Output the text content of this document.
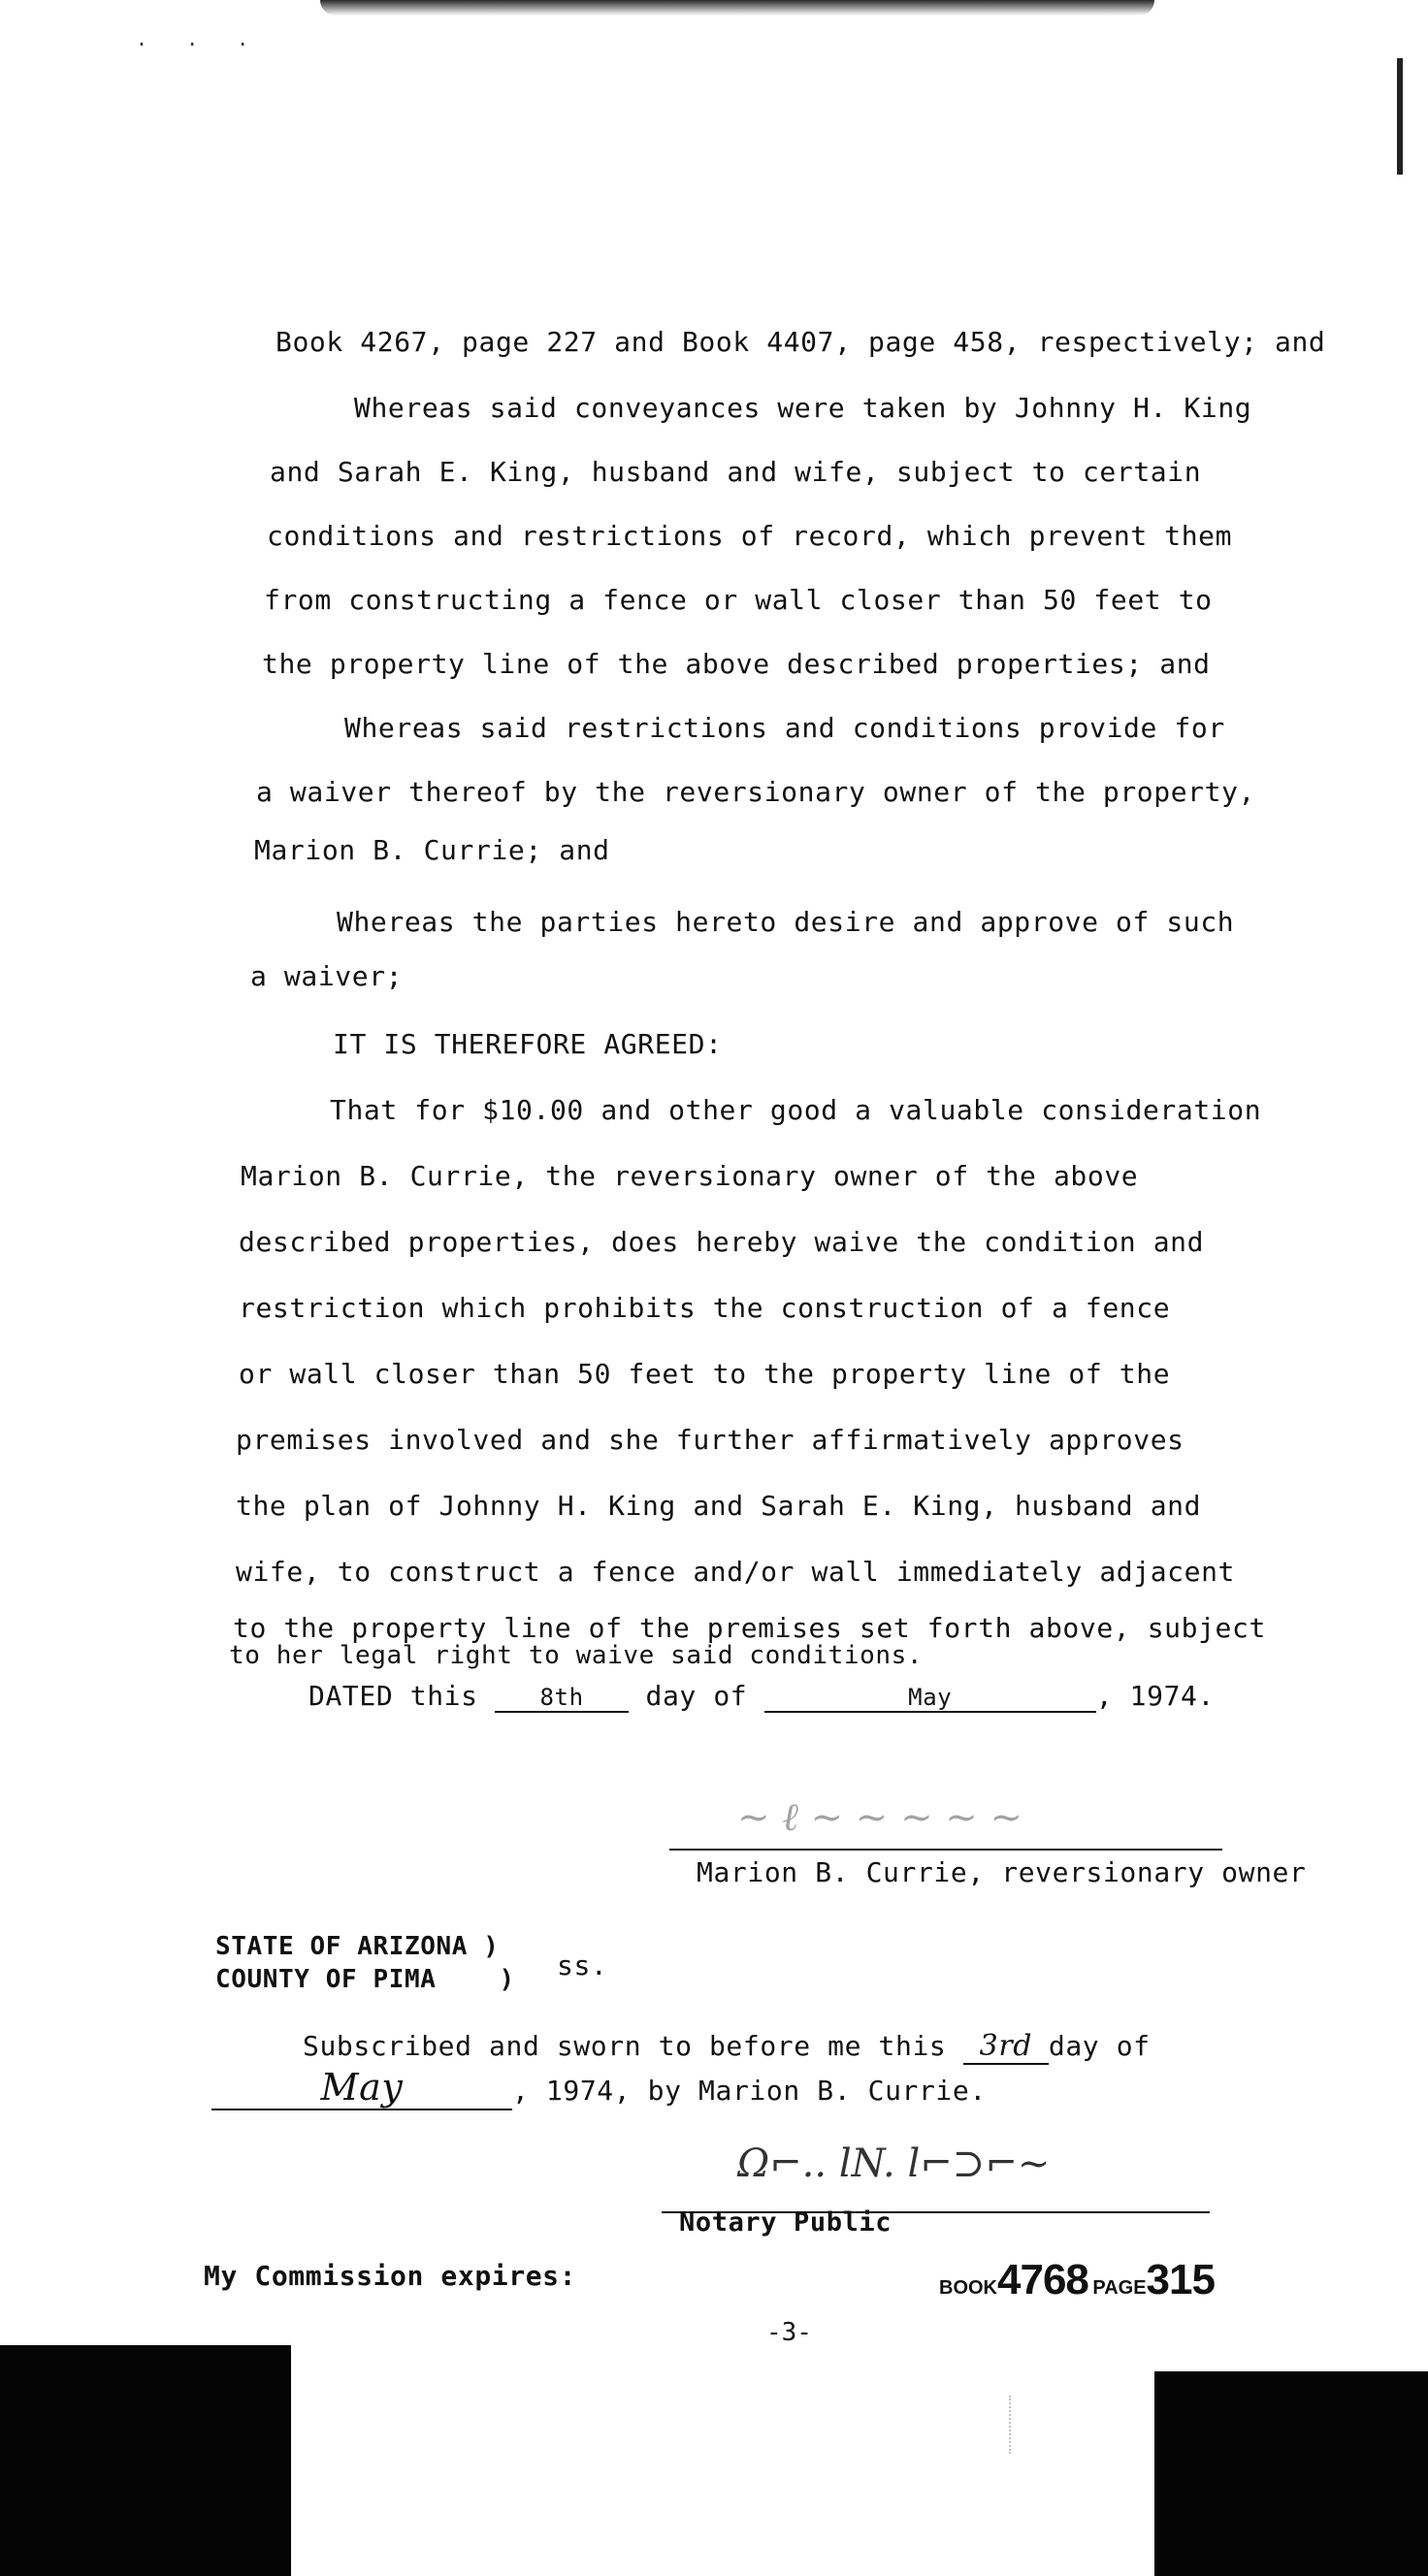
. . .
Book 4267, page 227 and Book 4407, page 458, respectively; and
Whereas said conveyances were taken by Johnny H. King
and Sarah E. King, husband and wife, subject to certain
conditions and restrictions of record, which prevent them
from constructing a fence or wall closer than 50 feet to
the property line of the above described properties; and
Whereas said restrictions and conditions provide for
a waiver thereof by the reversionary owner of the property,
Marion B. Currie; and
Whereas the parties hereto desire and approve of such
a waiver;
IT IS THEREFORE AGREED:
That for $10.00 and other good a valuable consideration
Marion B. Currie, the reversionary owner of the above
described properties, does hereby waive the condition and
restriction which prohibits the construction of a fence
or wall closer than 50 feet to the property line of the
premises involved and she further affirmatively approves
the plan of Johnny H. King and Sarah E. King, husband and
wife, to construct a fence and/or wall immediately adjacent
to the property line of the premises set forth above, subject
to her legal right to waive said conditions.
DATED this	8th day of	May	, 1974.
~ ℓ ~ ~ ~ ~ ~
Marion B. Currie, reversionary owner
STATE OF ARIZONA )
COUNTY OF PIMA    ) ss.
Subscribed and sworn to before me this 3rd day of
May	, 1974, by Marion B. Currie.
Ω⌐.. lN. l⌐⊃⌐~
Notary Public
My Commission expires:	BOOK4768 PAGE315
-3-
